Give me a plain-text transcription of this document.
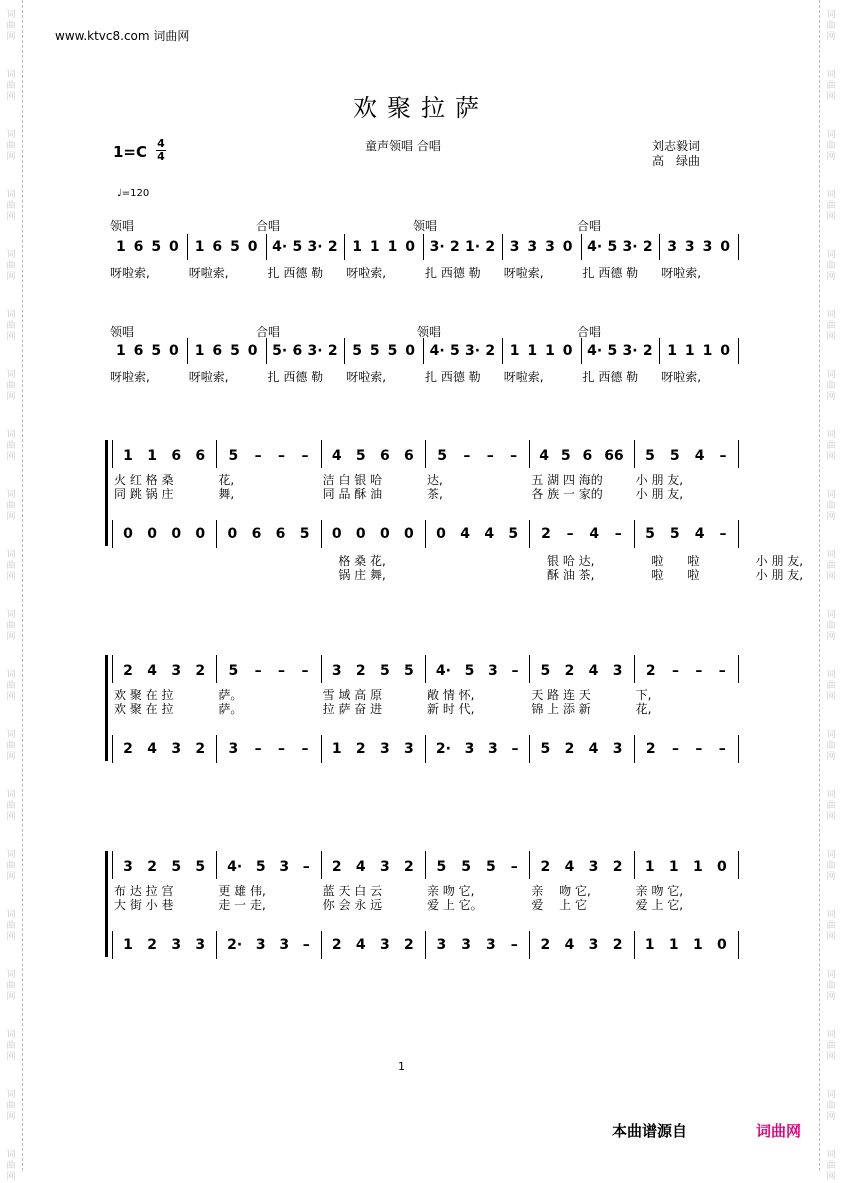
词
曲
网
词
曲
网
词
曲
网
词
曲
网
词
曲
网
词
曲
网
词
曲
网
词
曲
网
词
曲
网
词
曲
网
词
曲
网
词
曲
网
词
曲
网
词
曲
网
词
曲
网
词
曲
网
词
曲
网
词
曲
网
词
曲
网
词
曲
网
词
曲
网
词
曲
网
词
曲
网
词
曲
网
词
曲
网
词
曲
网
词
曲
网
词
曲
网
词
曲
网
词
曲
网
词
曲
网
词
曲
网
词
曲
网
词
曲
网
词
曲
网
词
曲
网
词
曲
网
词
曲
网
词
曲
网
词
曲
网
www.ktvc8.com 词曲网
欢聚拉萨
1=C 4
4
童声领唱 合唱	刘志毅词
高　绿曲
♩=120
领唱	合唱	领唱	合唱
1 6 5 0 1 6 5 0 4· 5 3· 2 1 1 1 0 3· 2 1· 2 3 3 3 0 4· 5 3· 2 3 3 3 0
呀啦索,	呀啦索,	扎 西德 勒	呀啦索,	扎 西德 勒	呀啦索,	扎 西德 勒	呀啦索,
领唱	合唱	领唱	合唱
1 6 5 0 1 6 5 0 5· 6 3· 2 5 5 5 0 4· 5 3· 2 1 1 1 0 4· 5 3· 2 1 1 1 0
呀啦索,	呀啦索,	扎 西德 勒	呀啦索,	扎 西德 勒	呀啦索,	扎 西德 勒	呀啦索,
1 1 6 6 5 – – – 4 5 6 6 5 – – – 4 5 6 66 5 5 4 –
火 红 格 桑	花,	洁 白 银 哈	达,	五 湖 四 海的	小 朋 友,
同 跳 锅 庄	舞,	同 品 酥 油	茶,	各 族 一 家的	小 朋 友,
0 0 0 0 0 6 6 5 0 0 0 0 0 4 4 5 2 – 4 – 5 5 4 –
格 桑 花,	银 哈 达,	啦　　啦	小 朋 友,
锅 庄 舞,	酥 油 茶,	啦　　啦	小 朋 友,
2 4 3 2 5 – – – 3 2 5 5 4· 5 3 – 5 2 4 3 2 – – –
欢 聚 在 拉	萨。	雪 域 高 原	敞 情 怀,	天 路 连 天	下,
欢 聚 在 拉	萨。	拉 萨 奋 进	新 时 代,	锦 上 添 新	花,
2 4 3 2 3 – – – 1 2 3 3 2· 3 3 – 5 2 4 3 2 – – –
3 2 5 5 4· 5 3 – 2 4 3 2 5 5 5 – 2 4 3 2 1 1 1 0
布 达 拉 宫	更 雄 伟,	蓝 天 白 云	亲 吻 它,	亲　 吻 它,	亲 吻 它,
大 街 小 巷	走 一 走,	你 会 永 远	爱 上 它。	爱　 上 它	爱 上 它,
1 2 3 3 2· 3 3 – 2 4 3 2 3 3 3 – 2 4 3 2 1 1 1 0
1
本曲谱源自	词曲网
